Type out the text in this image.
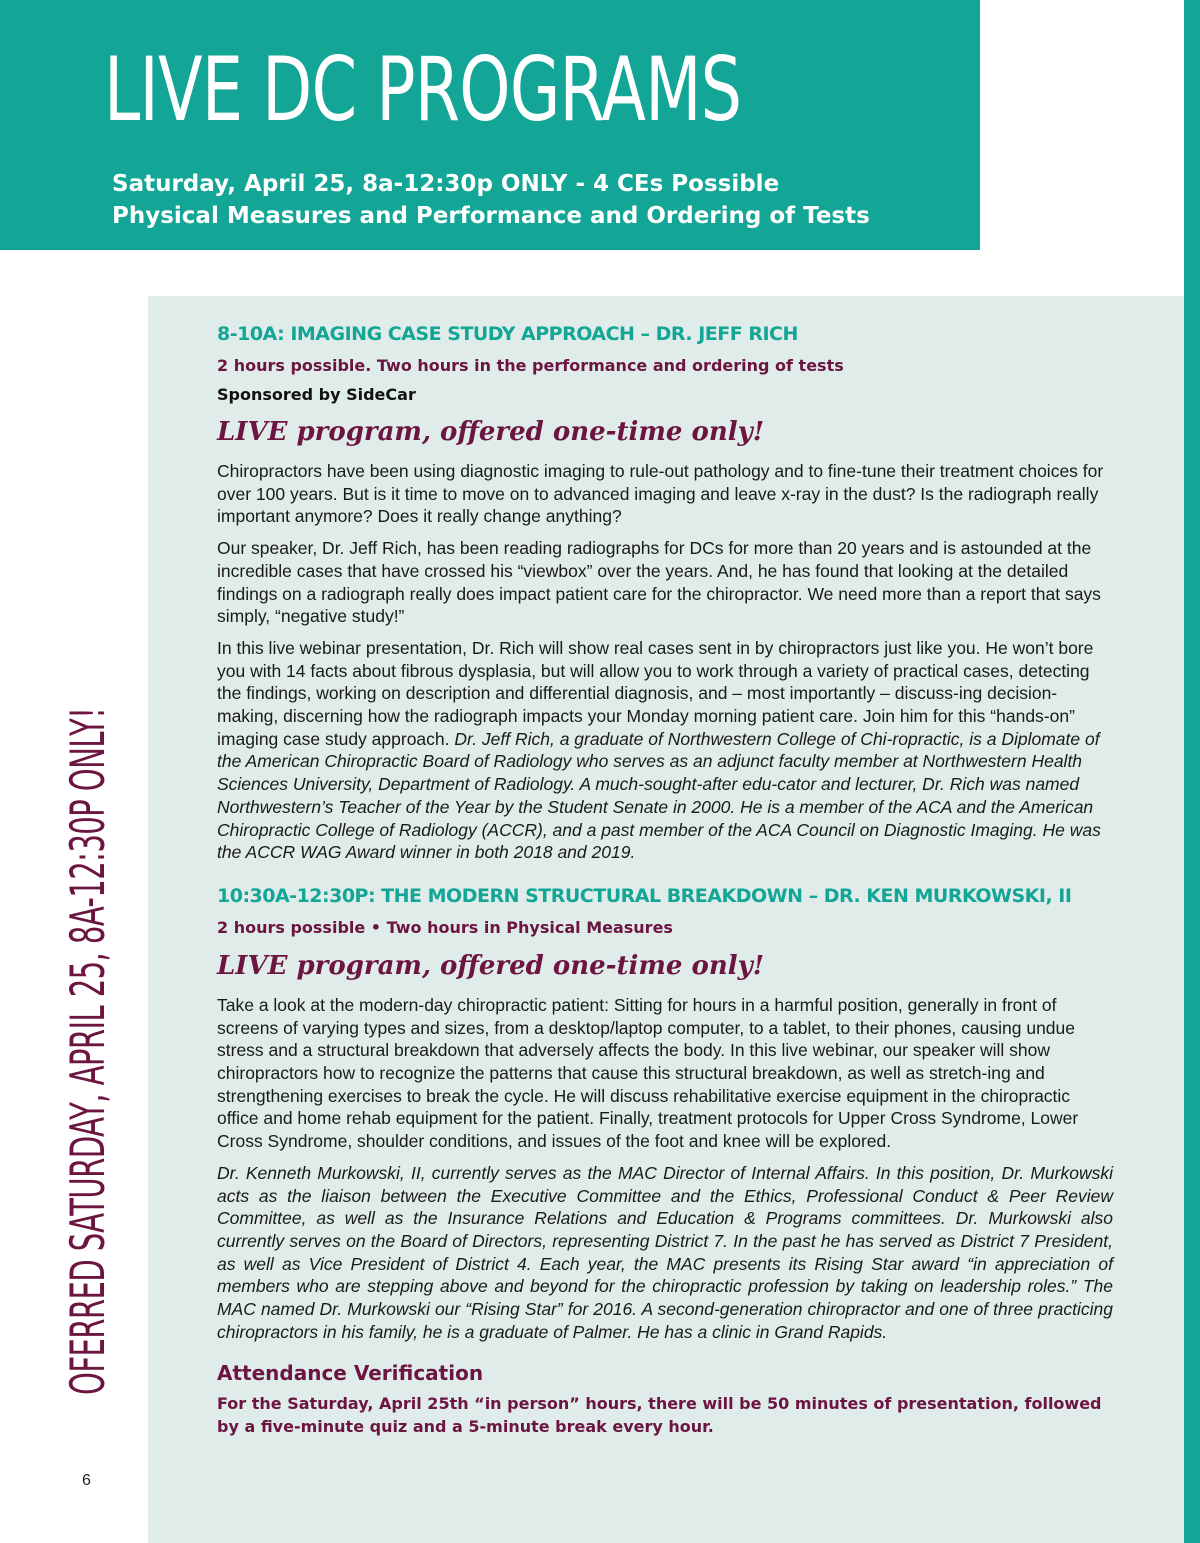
LIVE DC PROGRAMS
Saturday, April 25, 8a-12:30p ONLY - 4 CEs Possible
Physical Measures and Performance and Ordering of Tests
OFERRED SATURDAY, APRIL 25, 8A-12:30P ONLY!
6
8-10A: IMAGING CASE STUDY APPROACH – DR. JEFF RICH
2 hours possible. Two hours in the performance and ordering of tests
Sponsored by SideCar
LIVE program, offered one-time only!

Chiropractors have been using diagnostic imaging to rule-out pathology and to fine-tune their treatment choices for over 100 years. But is it time to move on to advanced imaging and leave x-ray in the dust? Is the radiograph really important anymore? Does it really change anything?

Our speaker, Dr. Jeff Rich, has been reading radiographs for DCs for more than 20 years and is astounded at the incredible cases that have crossed his “viewbox” over the years. And, he has found that looking at the detailed findings on a radiograph really does impact patient care for the chiropractor. We need more than a report that says simply, “negative study!”

In this live webinar presentation, Dr. Rich will show real cases sent in by chiropractors just like you. He won’t bore you with 14 facts about fibrous dysplasia, but will allow you to work through a variety of practical cases, detecting the findings, working on description and differential diagnosis, and – most importantly – discuss-ing decision-making, discerning how the radiograph impacts your Monday morning patient care. Join him for this “hands-on” imaging case study approach. Dr. Jeff Rich, a graduate of Northwestern College of Chi-ropractic, is a Diplomate of the American Chiropractic Board of Radiology who serves as an adjunct faculty member at Northwestern Health Sciences University, Department of Radiology. A much-sought-after edu-cator and lecturer, Dr. Rich was named Northwestern’s Teacher of the Year by the Student Senate in 2000. He is a member of the ACA and the American Chiropractic College of Radiology (ACCR), and a past member of the ACA Council on Diagnostic Imaging. He was the ACCR WAG Award winner in both 2018 and 2019.

10:30A-12:30P: THE MODERN STRUCTURAL BREAKDOWN – DR. KEN MURKOWSKI, II
2 hours possible • Two hours in Physical Measures
LIVE program, offered one-time only!

Take a look at the modern-day chiropractic patient: Sitting for hours in a harmful position, generally in front of screens of varying types and sizes, from a desktop/laptop computer, to a tablet, to their phones, causing undue stress and a structural breakdown that adversely affects the body. In this live webinar, our speaker will show chiropractors how to recognize the patterns that cause this structural breakdown, as well as stretch-ing and strengthening exercises to break the cycle. He will discuss rehabilitative exercise equipment in the chiropractic office and home rehab equipment for the patient. Finally, treatment protocols for Upper Cross Syndrome, Lower Cross Syndrome, shoulder conditions, and issues of the foot and knee will be explored.

Dr. Kenneth Murkowski, II, currently serves as the MAC Director of Internal Affairs. In this position, Dr. Murkowski acts as the liaison between the Executive Committee and the Ethics, Professional Conduct & Peer Review Committee, as well as the Insurance Relations and Education & Programs committees. Dr. Murkowski also currently serves on the Board of Directors, representing District 7. In the past he has served as District 7 President, as well as Vice President of District 4. Each year, the MAC presents its Rising Star award “in appreciation of members who are stepping above and beyond for the chiropractic profession by taking on leadership roles.” The MAC named Dr. Murkowski our “Rising Star” for 2016. A second-generation chiropractor and one of three practicing chiropractors in his family, he is a graduate of Palmer. He has a clinic in Grand Rapids.

Attendance Verification
For the Saturday, April 25th “in person” hours, there will be 50 minutes of presentation, followed by a five-minute quiz and a 5-minute break every hour.
